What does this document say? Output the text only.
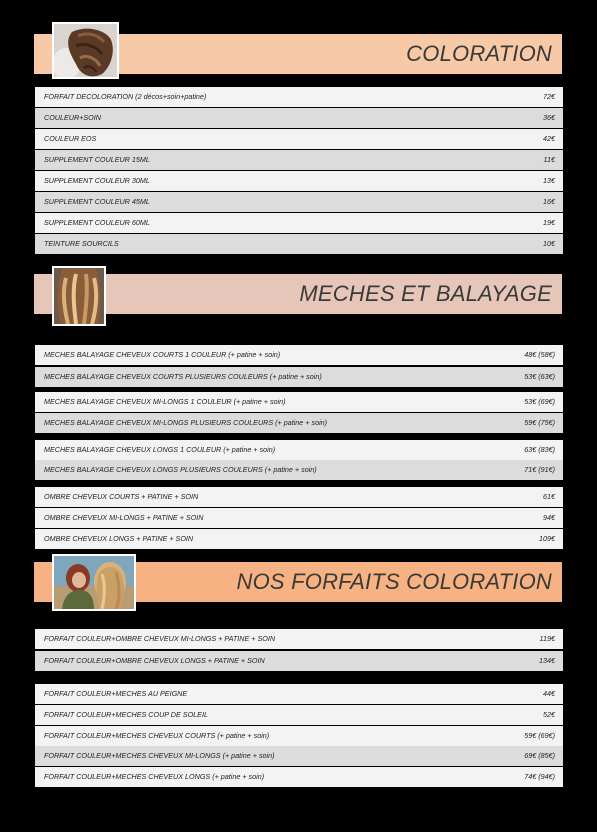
COLORATION
FORFAIT DECOLORATION (2 décos+soin+patine)	72€
COULEUR+SOIN	36€
COULEUR EOS	42€
SUPPLEMENT COULEUR 15ML	11€
SUPPLEMENT COULEUR 30ML	13€
SUPPLEMENT COULEUR 45ML	16€
SUPPLEMENT COULEUR 60ML	19€
TEINTURE SOURCILS	10€
MECHES ET BALAYAGE
MECHES BALAYAGE CHEVEUX COURTS 1 COULEUR (+ patine + soin)	48€ (58€)
MECHES BALAYAGE CHEVEUX COURTS PLUSIEURS COULEURS (+ patine + soin)	53€ (63€)
MECHES BALAYAGE CHEVEUX MI-LONGS 1 COULEUR (+ patine + soin)	53€ (69€)
MECHES BALAYAGE CHEVEUX MI-LONGS PLUSIEURS COULEURS (+ patine + soin)	59€ (75€)
MECHES BALAYAGE CHEVEUX LONGS 1 COULEUR (+ patine + soin)	63€ (83€)
MECHES BALAYAGE CHEVEUX LONGS PLUSIEURS COULEURS (+ patine + soin)	71€ (91€)
OMBRE CHEVEUX COURTS + PATINE + SOIN	61€
OMBRE CHEVEUX MI-LONGS + PATINE + SOIN	94€
OMBRE CHEVEUX LONGS + PATINE + SOIN	109€
NOS FORFAITS COLORATION
FORFAIT COULEUR+OMBRE CHEVEUX MI-LONGS + PATINE + SOIN	119€
FORFAIT COULEUR+OMBRE CHEVEUX LONGS + PATINE + SOIN	134€
FORFAIT COULEUR+MECHES AU PEIGNE	44€
FORFAIT COULEUR+MECHES COUP DE SOLEIL	52€
FORFAIT COULEUR+MECHES CHEVEUX COURTS (+ patine + soin)	59€ (69€)
FORFAIT COULEUR+MECHES CHEVEUX MI-LONGS (+ patine + soin)	69€ (85€)
FORFAIT COULEUR+MECHES CHEVEUX LONGS (+ patine + soin)	74€ (94€)
